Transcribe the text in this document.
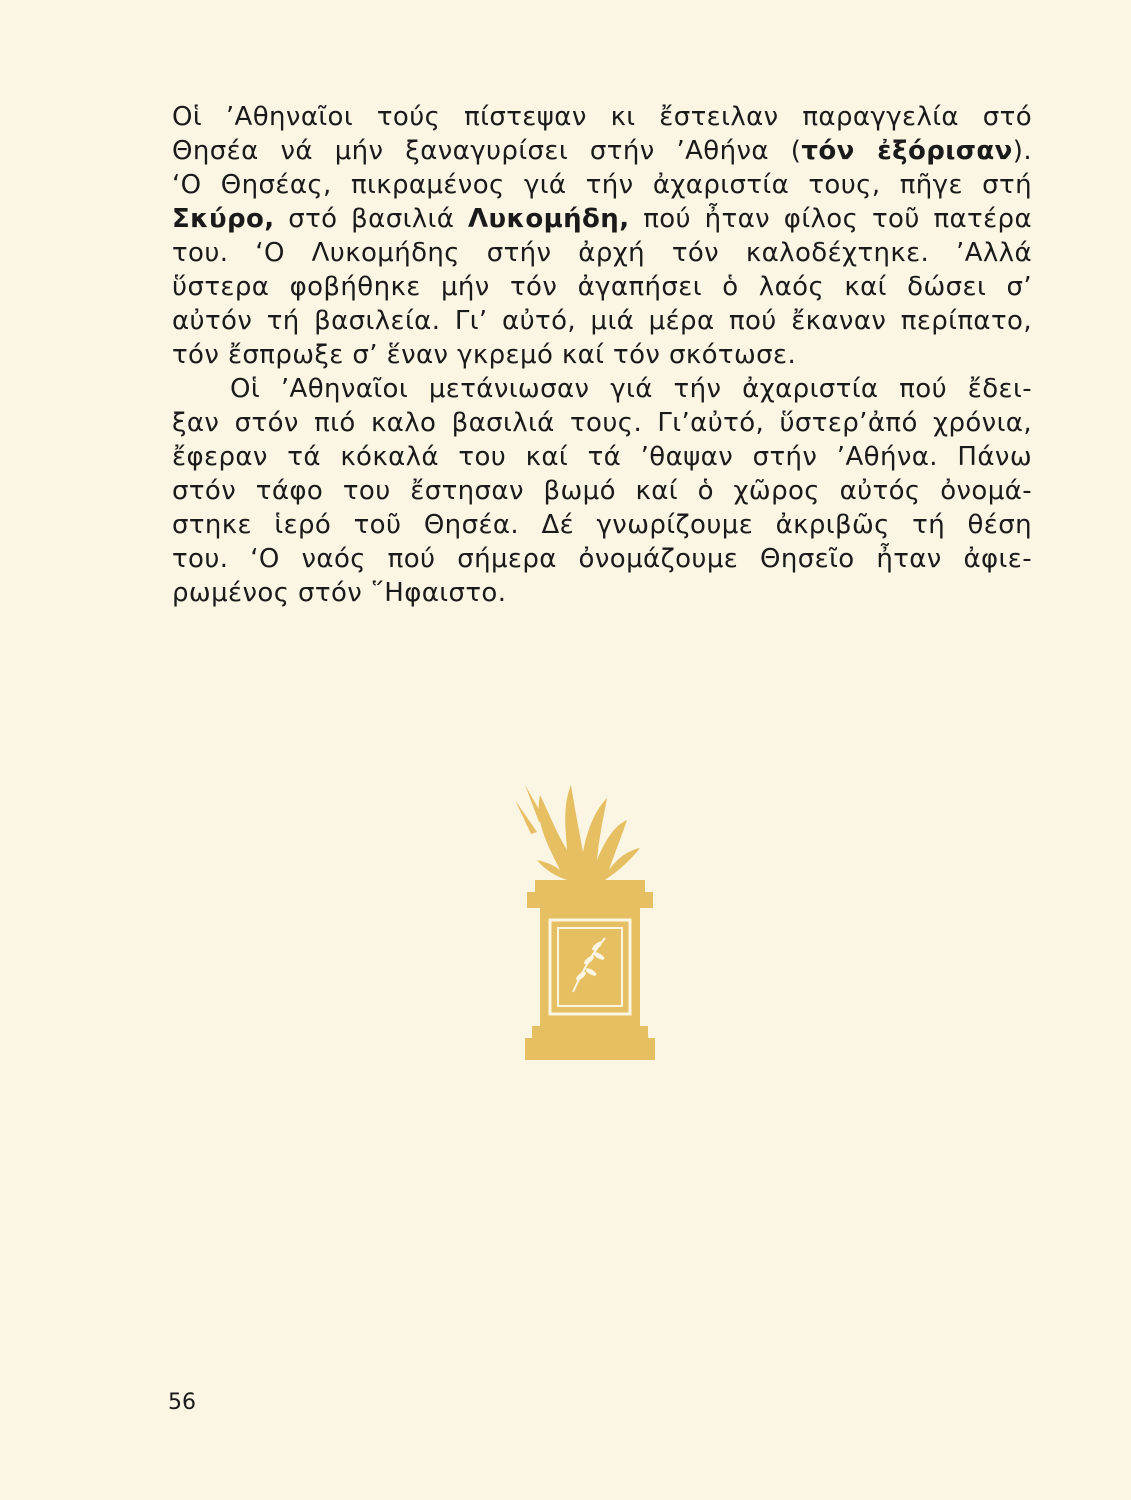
Οἱ ’Αθηναῖοι τούς πίστεψαν κι ἔστειλαν παραγγελία στό
Θησέα νά μήν ξαναγυρίσει στήν ’Αθήνα (τόν ἐξόρισαν).
‘Ο Θησέας, πικραμένος γιά τήν ἀχαριστία τους, πῆγε στή
Σκύρο, στό βασιλιά Λυκομήδη, πού ἦταν φίλος τοῦ πατέρα
του. ‘Ο Λυκομήδης στήν ἀρχή τόν καλοδέχτηκε. ’Αλλά
ὕστερα φοβήθηκε μήν τόν ἀγαπήσει ὁ λαός καί δώσει σ’
αὐτόν τή βασιλεία. Γι’ αὐτό, μιά μέρα πού ἔκαναν περίπατο,
τόν ἔσπρωξε σ’ ἕναν γκρεμό καί τόν σκότωσε.

Οἱ ’Αθηναῖοι μετάνιωσαν γιά τήν ἀχαριστία πού ἔδει-

ξαν στόν πιό καλο βασιλιά τους. Γι’αὐτό, ὕστερ’ἀπό χρόνια,
ἔφεραν τά κόκαλά του καί τά ’θαψαν στήν ’Αθήνα. Πάνω
στόν τάφο του ἔστησαν βωμό καί ὁ χῶρος αὐτός ὀνομά-
στηκε ἱερό τοῦ Θησέα. Δέ γνωρίζουμε ἀκριβῶς τή θέση
του. ‘Ο ναός πού σήμερα ὀνομάζουμε Θησεῖο ἦταν ἀφιε-
ρωμένος στόν ῞Ηφαιστο.

56
